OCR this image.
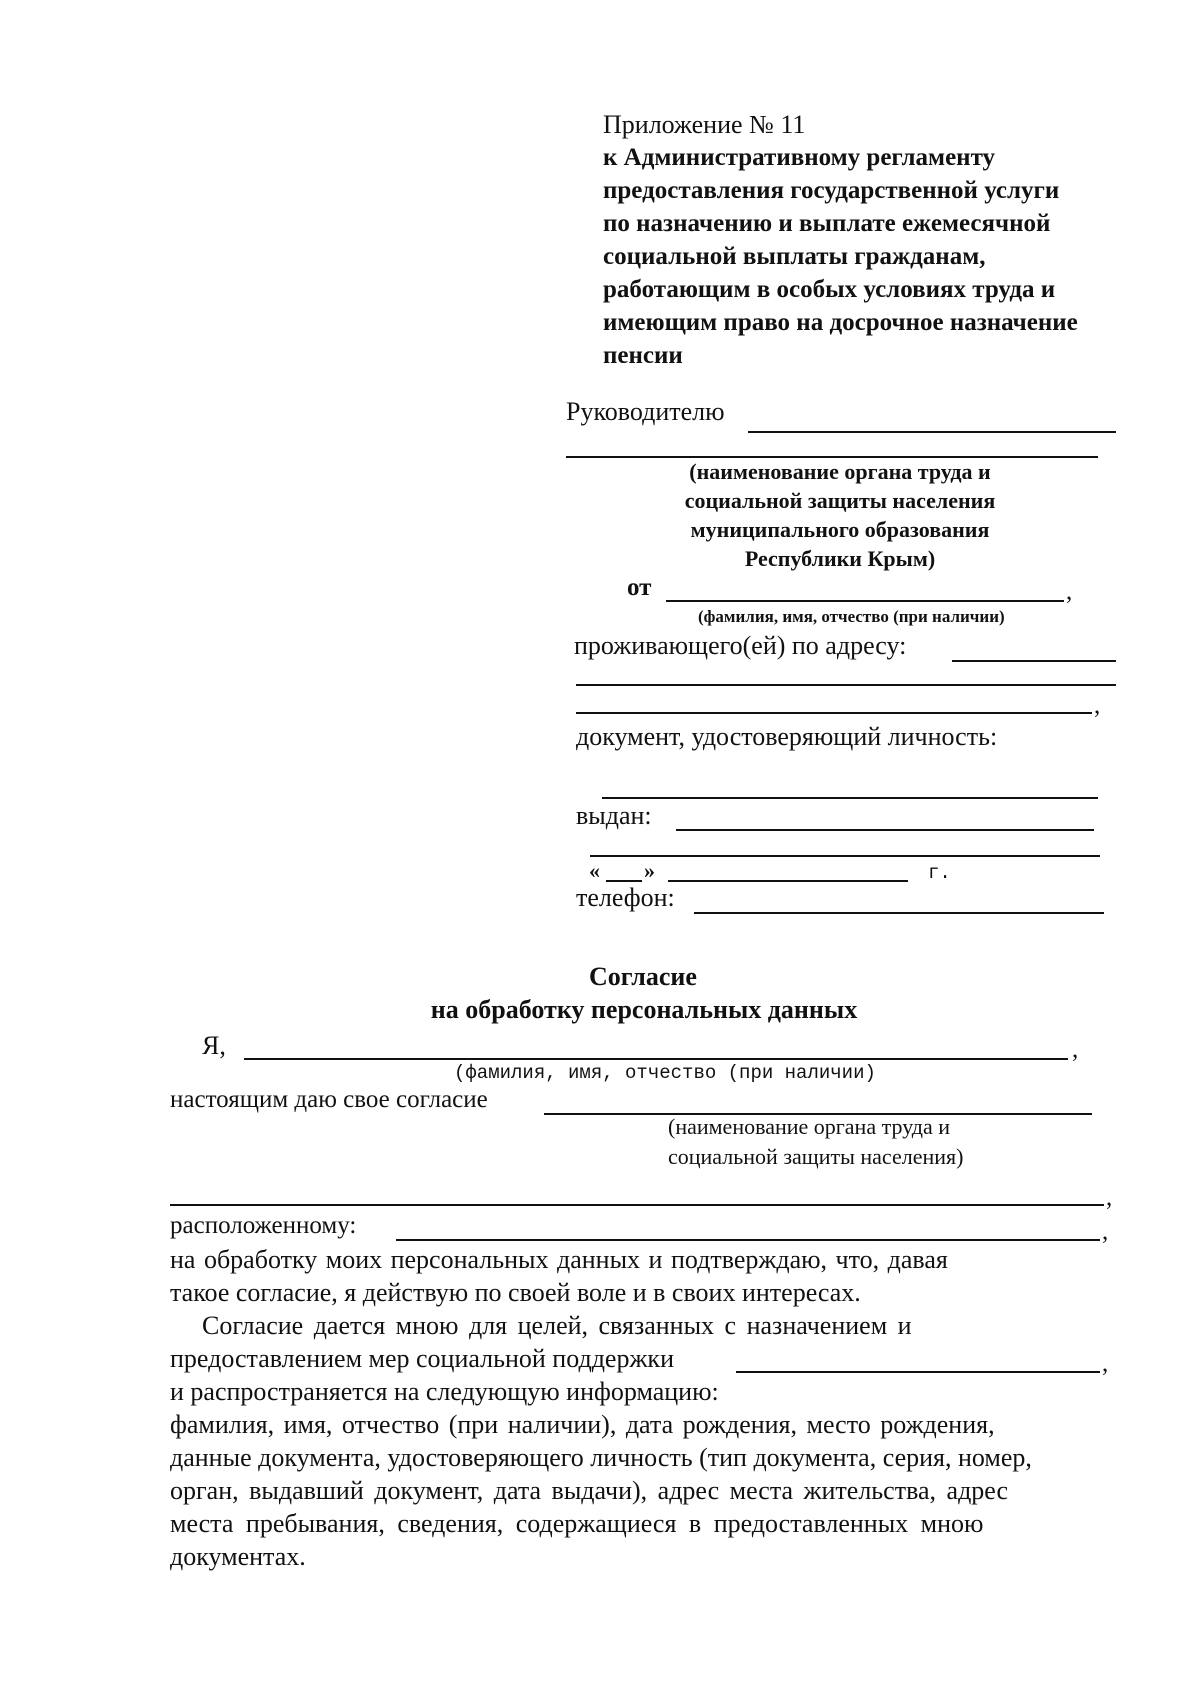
Приложение № 11
к Административному регламенту
предоставления государственной услуги
по назначению и выплате ежемесячной
социальной выплаты гражданам,
работающим в особых условиях труда и
имеющим право на досрочное назначение
пенсии
Руководителю
(наименование органа труда и
социальной защиты населения
муниципального образования
Республики Крым)
от	,
(фамилия, имя, отчество (при наличии)
проживающего(ей) по адресу:
,
документ, удостоверяющий личность:
выдан:
« »	г.
телефон:
Согласие
на обработку персональных данных
Я,	,
(фамилия, имя, отчество (при наличии)
настоящим даю свое согласие
(наименование органа труда и
социальной защиты населения)
,
расположенному:	,
на обработку моих персональных данных и подтверждаю, что, давая
такое согласие, я действую по своей воле и в своих интересах.
Согласие дается мною для целей, связанных с назначением и
предоставлением мер социальной поддержки	,
и распространяется на следующую информацию:
фамилия, имя, отчество (при наличии), дата рождения, место рождения,
данные документа, удостоверяющего личность (тип документа, серия, номер,
орган, выдавший документ, дата выдачи), адрес места жительства, адрес
места пребывания, сведения, содержащиеся в предоставленных мною
документах.
